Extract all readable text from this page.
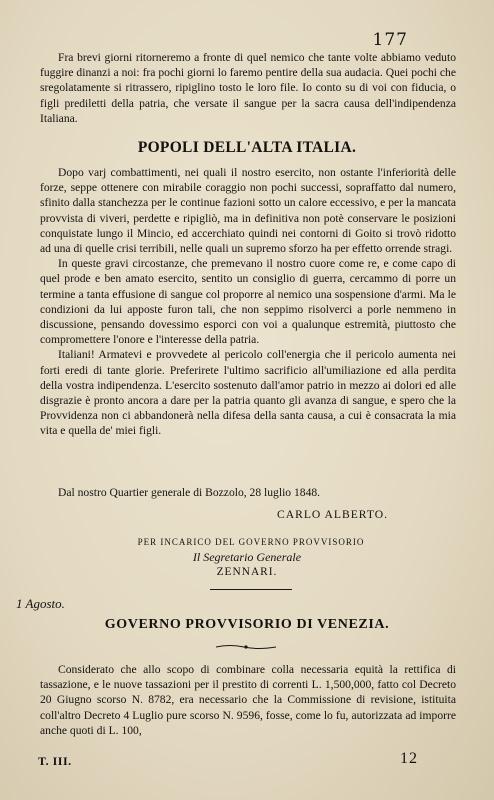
177

Fra brevi giorni ritorneremo a fronte di quel nemico che tante volte abbiamo veduto fuggire dinanzi a noi: fra pochi giorni lo faremo pentire della sua audacia. Quei pochi che sregolatamente si ritrassero, ripiglino tosto le loro file. Io conto su di voi con fiducia, o figli prediletti della patria, che versate il sangue per la sacra causa dell'indipendenza Italiana.

POPOLI DELL'ALTA ITALIA.

Dopo varj combattimenti, nei quali il nostro esercito, non ostante l'inferiorità delle forze, seppe ottenere con mirabile coraggio non pochi successi, sopraffatto dal numero, sfinito dalla stanchezza per le continue fazioni sotto un calore eccessivo, e per la mancata provvista di viveri, perdette e ripigliò, ma in definitiva non potè conservare le posizioni conquistate lungo il Mincio, ed accerchiato quindi nei contorni di Goito si trovò ridotto ad una di quelle crisi terribili, nelle quali un supremo sforzo ha per effetto orrende stragi.

In queste gravi circostanze, che premevano il nostro cuore come re, e come capo di quel prode e ben amato esercito, sentito un consiglio di guerra, cercammo di porre un termine a tanta effusione di sangue col proporre al nemico una sospensione d'armi. Ma le condizioni da lui apposte furon tali, che non seppimo risolverci a porle nemmeno in discussione, pensando dovessimo esporci con voi a qualunque estremità, piuttosto che compromettere l'onore e l'interesse della patria.

Italiani! Armatevi e provvedete al pericolo coll'energia che il pericolo aumenta nei forti eredi di tante glorie. Preferirete l'ultimo sacrificio all'umiliazione ed alla perdita della vostra indipendenza. L'esercito sostenuto dall'amor patrio in mezzo ai dolori ed alle disgrazie è pronto ancora a dare per la patria quanto gli avanza di sangue, e spero che la Provvidenza non ci abbandonerà nella difesa della santa causa, a cui è consacrata la mia vita e quella de' miei figli.

Dal nostro Quartier generale di Bozzolo, 28 luglio 1848.
CARLO ALBERTO.
PER INCARICO DEL GOVERNO PROVVISORIO
Il Segretario Generale
ZENNARI.
1 Agosto.
GOVERNO PROVVISORIO DI VENEZIA.

Considerato che allo scopo di combinare colla necessaria equità la rettifica di tassazione, e le nuove tassazioni per il prestito di correnti L. 1,500,000, fatto col Decreto 20 Giugno scorso N. 8782, era necessario che la Commissione di revisione, istituita coll'altro Decreto 4 Luglio pure scorso N. 9596, fosse, come lo fu, autorizzata ad imporre anche quoti di L. 100,

T. III.	12
